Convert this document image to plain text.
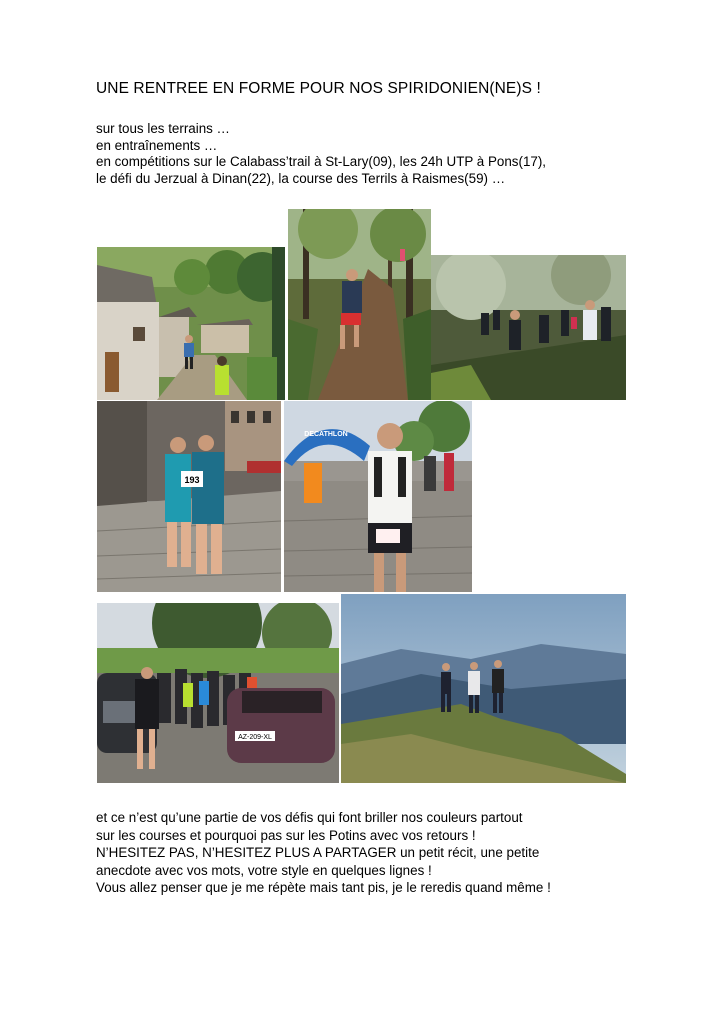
UNE RENTREE EN FORME POUR NOS SPIRIDONIEN(NE)S !
sur tous les terrains …
en entraînements …
en compétitions sur le Calabass’trail à St-Lary(09), les 24h UTP à Pons(17),
le défi du Jerzual à Dinan(22), la course des Terrils à Raismes(59) …
193
DECATHLON
AZ-209-XL
et ce n’est qu’une partie de vos défis qui font briller nos couleurs partout
sur les courses et pourquoi pas sur les Potins avec vos retours !
N’HESITEZ PAS, N’HESITEZ PLUS A PARTAGER un petit récit, une petite
anecdote avec vos mots, votre style en quelques lignes !
Vous allez penser que je me répète mais tant pis, je le reredis quand même !
